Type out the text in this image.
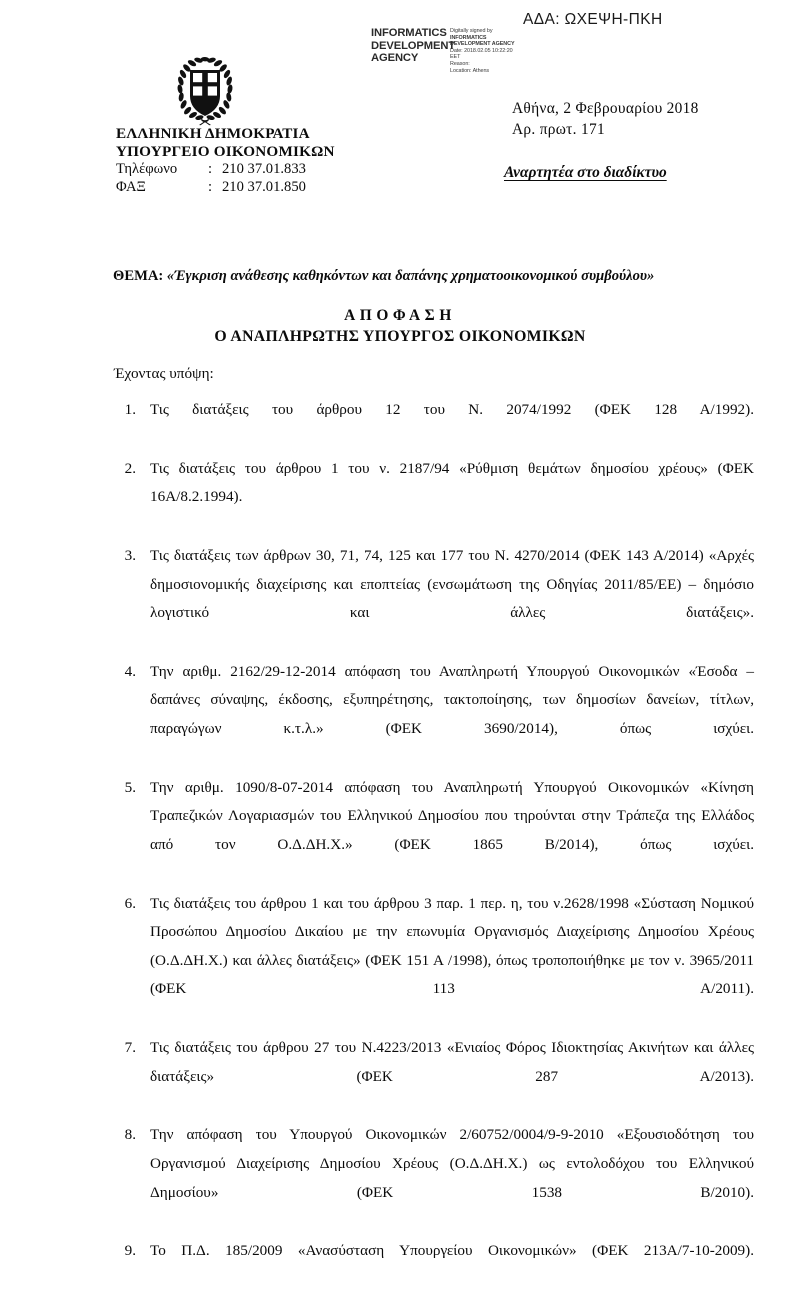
ΑΔΑ: ΩΧΕΨΗ-ΠΚΗ
INFORMATICS DEVELOPMENT AGENCY
Digitally signed by
INFORMATICS
DEVELOPMENT AGENCY
Date: 2018.02.05 10:22:20
EET
Reason:
Location: Athens
ΕΛΛΗΝΙΚΗ ΔΗΜΟΚΡΑΤΙΑ
ΥΠΟΥΡΓΕΙΟ ΟΙΚΟΝΟΜΙΚΩΝ
Τηλέφωνο	: 210 37.01.833
ΦΑΞ	: 210 37.01.850
Αθήνα, 2 Φεβρουαρίου 2018
Αρ. πρωτ. 171
Αναρτητέα στο διαδίκτυο
ΘΕΜΑ: «Έγκριση ανάθεσης καθηκόντων και δαπάνης χρηματοοικονομικού συμβούλου»
ΑΠΟΦΑΣΗ
Ο ΑΝΑΠΛΗΡΩΤΗΣ ΥΠΟΥΡΓΟΣ ΟΙΚΟΝΟΜΙΚΩΝ
Έχοντας υπόψη:
1. Τις διατάξεις του άρθρου 12 του Ν. 2074/1992 (ΦΕΚ 128 Α/1992).
2. Τις διατάξεις του άρθρου 1 του ν. 2187/94 «Ρύθμιση θεμάτων δημοσίου χρέους» (ΦΕΚ 16Α/8.2.1994).
3. Τις διατάξεις των άρθρων 30, 71, 74, 125 και 177 του Ν. 4270/2014 (ΦΕΚ 143 Α/2014) «Αρχές δημοσιονομικής διαχείρισης και εποπτείας (ενσωμάτωση της Οδηγίας 2011/85/ΕΕ) – δημόσιο λογιστικό και άλλες διατάξεις».
4. Την αριθμ. 2162/29-12-2014 απόφαση του Αναπληρωτή Υπουργού Οικονομικών «Έσοδα – δαπάνες σύναψης, έκδοσης, εξυπηρέτησης, τακτοποίησης, των δημοσίων δανείων, τίτλων, παραγώγων κ.τ.λ.» (ΦΕΚ 3690/2014), όπως ισχύει.
5. Την αριθμ. 1090/8-07-2014 απόφαση του Αναπληρωτή Υπουργού Οικονομικών «Κίνηση Τραπεζικών Λογαριασμών του Ελληνικού Δημοσίου που τηρούνται στην Τράπεζα της Ελλάδος από τον Ο.Δ.ΔΗ.Χ.» (ΦΕΚ 1865 Β/2014), όπως ισχύει.
6. Τις διατάξεις του άρθρου 1 και του άρθρου 3 παρ. 1 περ. η, του ν.2628/1998 «Σύσταση Νομικού Προσώπου Δημοσίου Δικαίου με την επωνυμία Οργανισμός Διαχείρισης Δημοσίου Χρέους (Ο.Δ.ΔΗ.Χ.) και άλλες διατάξεις» (ΦΕΚ 151 Α /1998), όπως τροποποιήθηκε με τον ν. 3965/2011 (ΦΕΚ 113 Α/2011).
7. Τις διατάξεις του άρθρου 27 του Ν.4223/2013 «Ενιαίος Φόρος Ιδιοκτησίας Ακινήτων και άλλες διατάξεις» (ΦΕΚ 287 Α/2013).
8. Την απόφαση του Υπουργού Οικονομικών 2/60752/0004/9-9-2010 «Εξουσιοδότηση του Οργανισμού Διαχείρισης Δημοσίου Χρέους (Ο.Δ.ΔΗ.Χ.) ως εντολοδόχου του Ελληνικού Δημοσίου» (ΦΕΚ 1538 Β/2010).
9. Το Π.Δ. 185/2009 «Ανασύσταση Υπουργείου Οικονομικών» (ΦΕΚ 213Α/7-10-2009).
